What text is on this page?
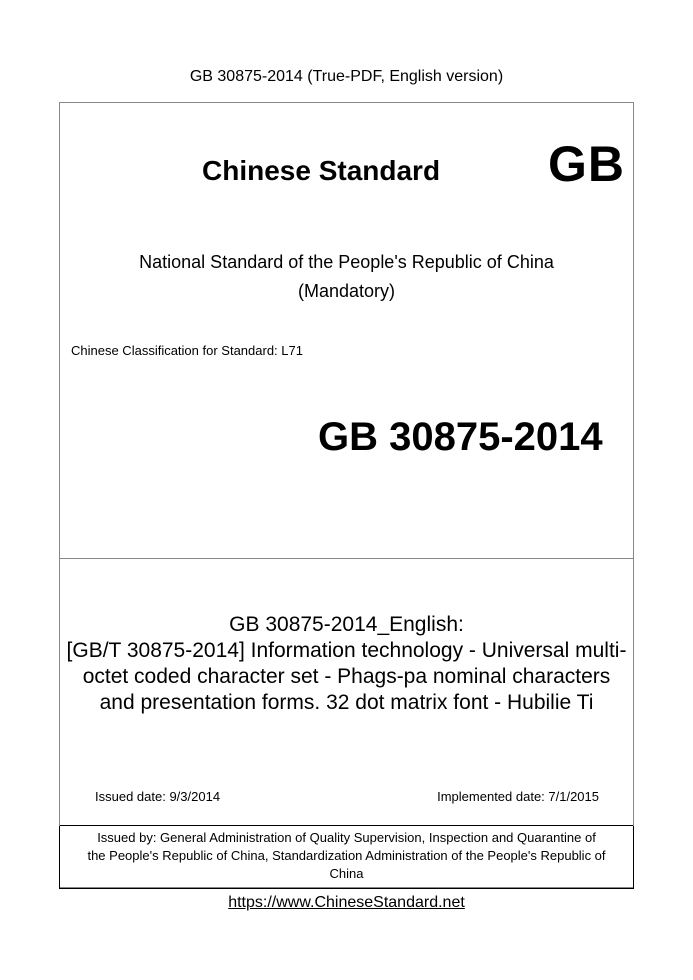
GB 30875-2014 (True-PDF, English version)
Chinese Standard GB
National Standard of the People's Republic of China
(Mandatory)
Chinese Classification for Standard: L71
GB 30875-2014
GB 30875-2014_English:
[GB/T 30875-2014] Information technology - Universal multi-
octet coded character set - Phags-pa nominal characters
and presentation forms. 32 dot matrix font - Hubilie Ti
Issued date: 9/3/2014	Implemented date: 7/1/2015
Issued by: General Administration of Quality Supervision, Inspection and Quarantine of
the People's Republic of China, Standardization Administration of the People's Republic of
China
https://www.ChineseStandard.net
